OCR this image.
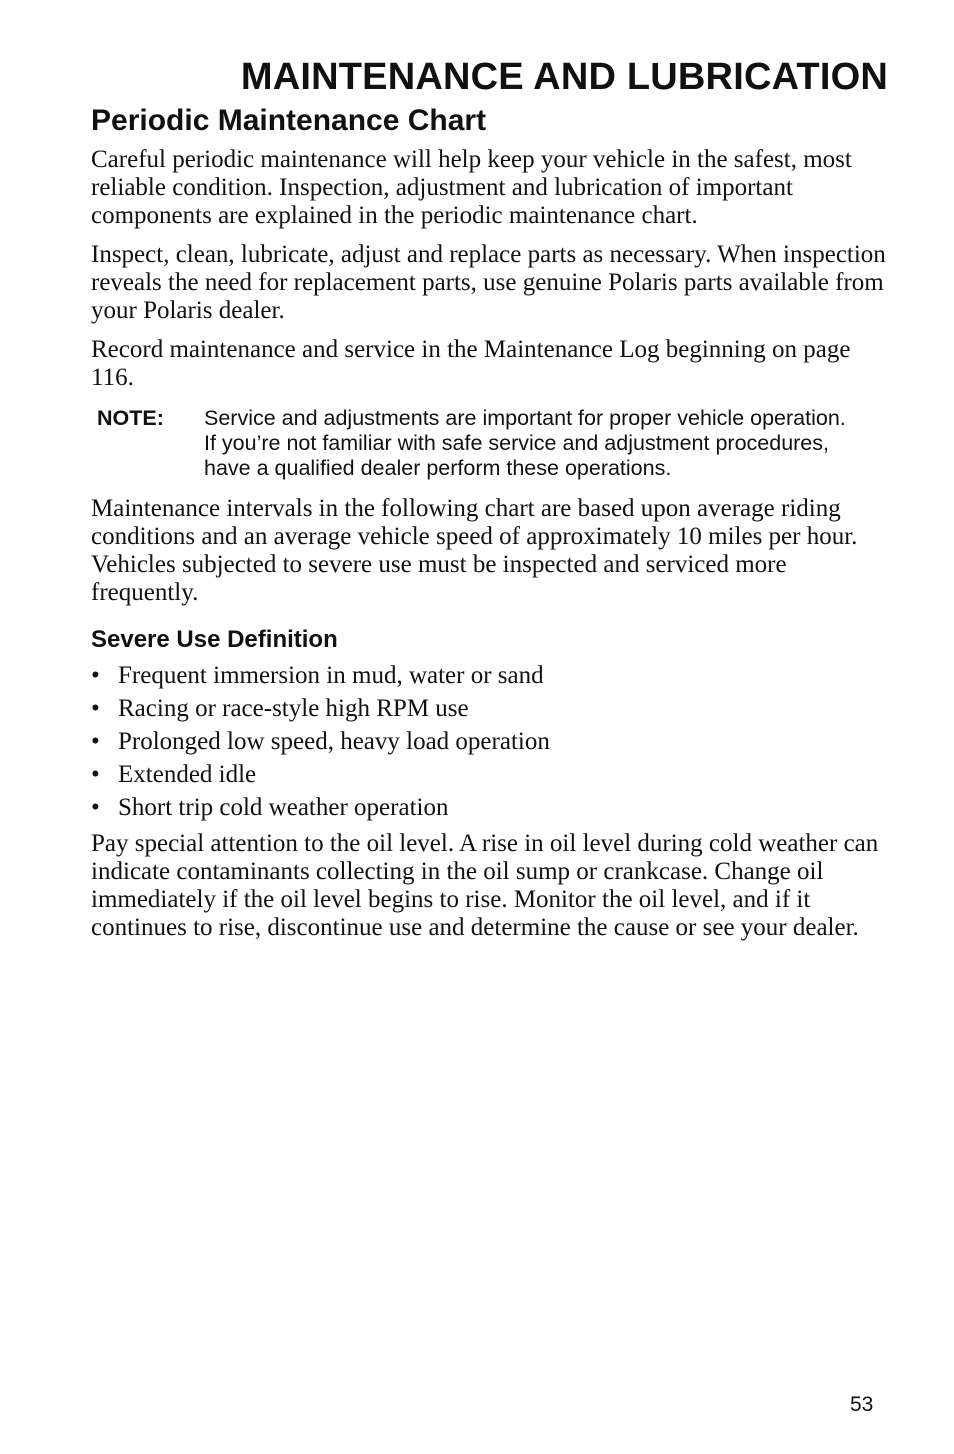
MAINTENANCE AND LUBRICATION
Periodic Maintenance Chart

Careful periodic maintenance will help keep your vehicle in the safest, most reliable condition. Inspection, adjustment and lubrication of important components are explained in the periodic maintenance chart.

Inspect, clean, lubricate, adjust and replace parts as necessary. When inspection reveals the need for replacement parts, use genuine Polaris parts available from your Polaris dealer.

Record maintenance and service in the Maintenance Log beginning on page 116.

NOTE:	Service and adjustments are important for proper vehicle operation. If you’re not familiar with safe service and adjustment procedures, have a qualified dealer perform these operations.

Maintenance intervals in the following chart are based upon average riding conditions and an average vehicle speed of approximately 10 miles per hour. Vehicles subjected to severe use must be inspected and serviced more frequently.

Severe Use Definition
• Frequent immersion in mud, water or sand
• Racing or race-style high RPM use
• Prolonged low speed, heavy load operation
• Extended idle
• Short trip cold weather operation

Pay special attention to the oil level. A rise in oil level during cold weather can indicate contaminants collecting in the oil sump or crankcase. Change oil immediately if the oil level begins to rise. Monitor the oil level, and if it continues to rise, discontinue use and determine the cause or see your dealer.

53
